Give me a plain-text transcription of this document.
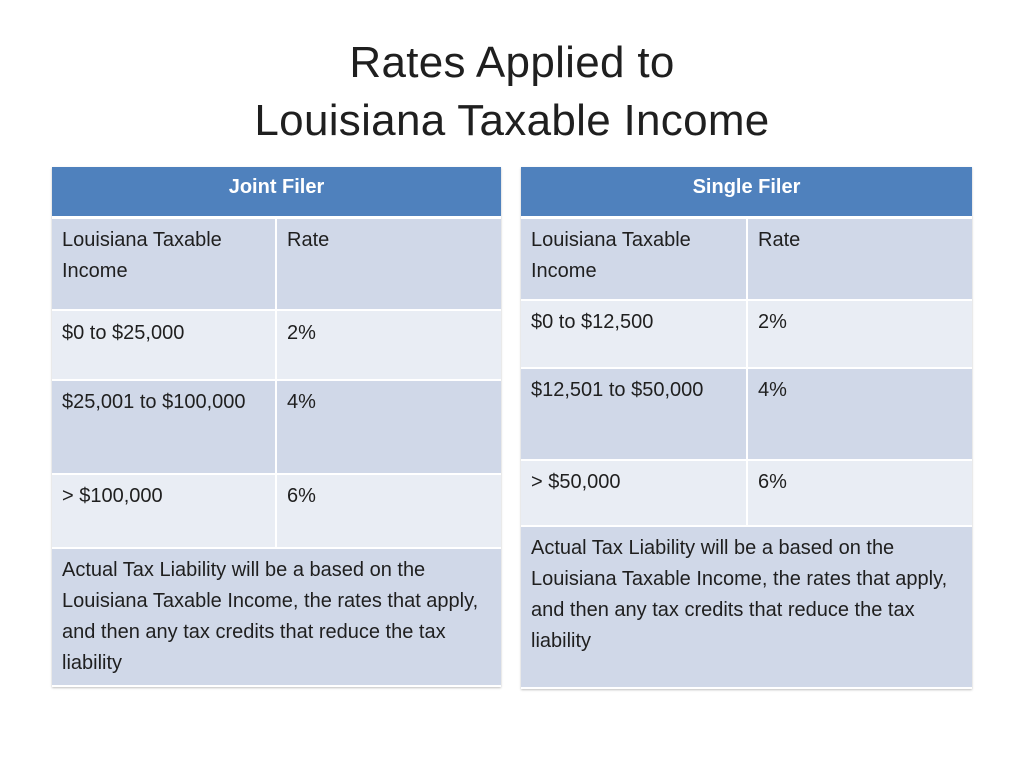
Rates Applied to
Louisiana Taxable Income
Joint Filer
Louisiana Taxable Income	Rate
$0 to $25,000	2%
$25,001 to $100,000	4%
> $100,000	6%
Actual Tax Liability will be a based on the Louisiana Taxable Income, the rates that apply, and then any tax credits that reduce the tax liability	
Single Filer
Louisiana Taxable Income	Rate
$0 to $12,500	2%
$12,501 to $50,000	4%
> $50,000	6%
Actual Tax Liability will be a based on the Louisiana Taxable Income, the rates that apply, and then any tax credits that reduce the tax liability	
